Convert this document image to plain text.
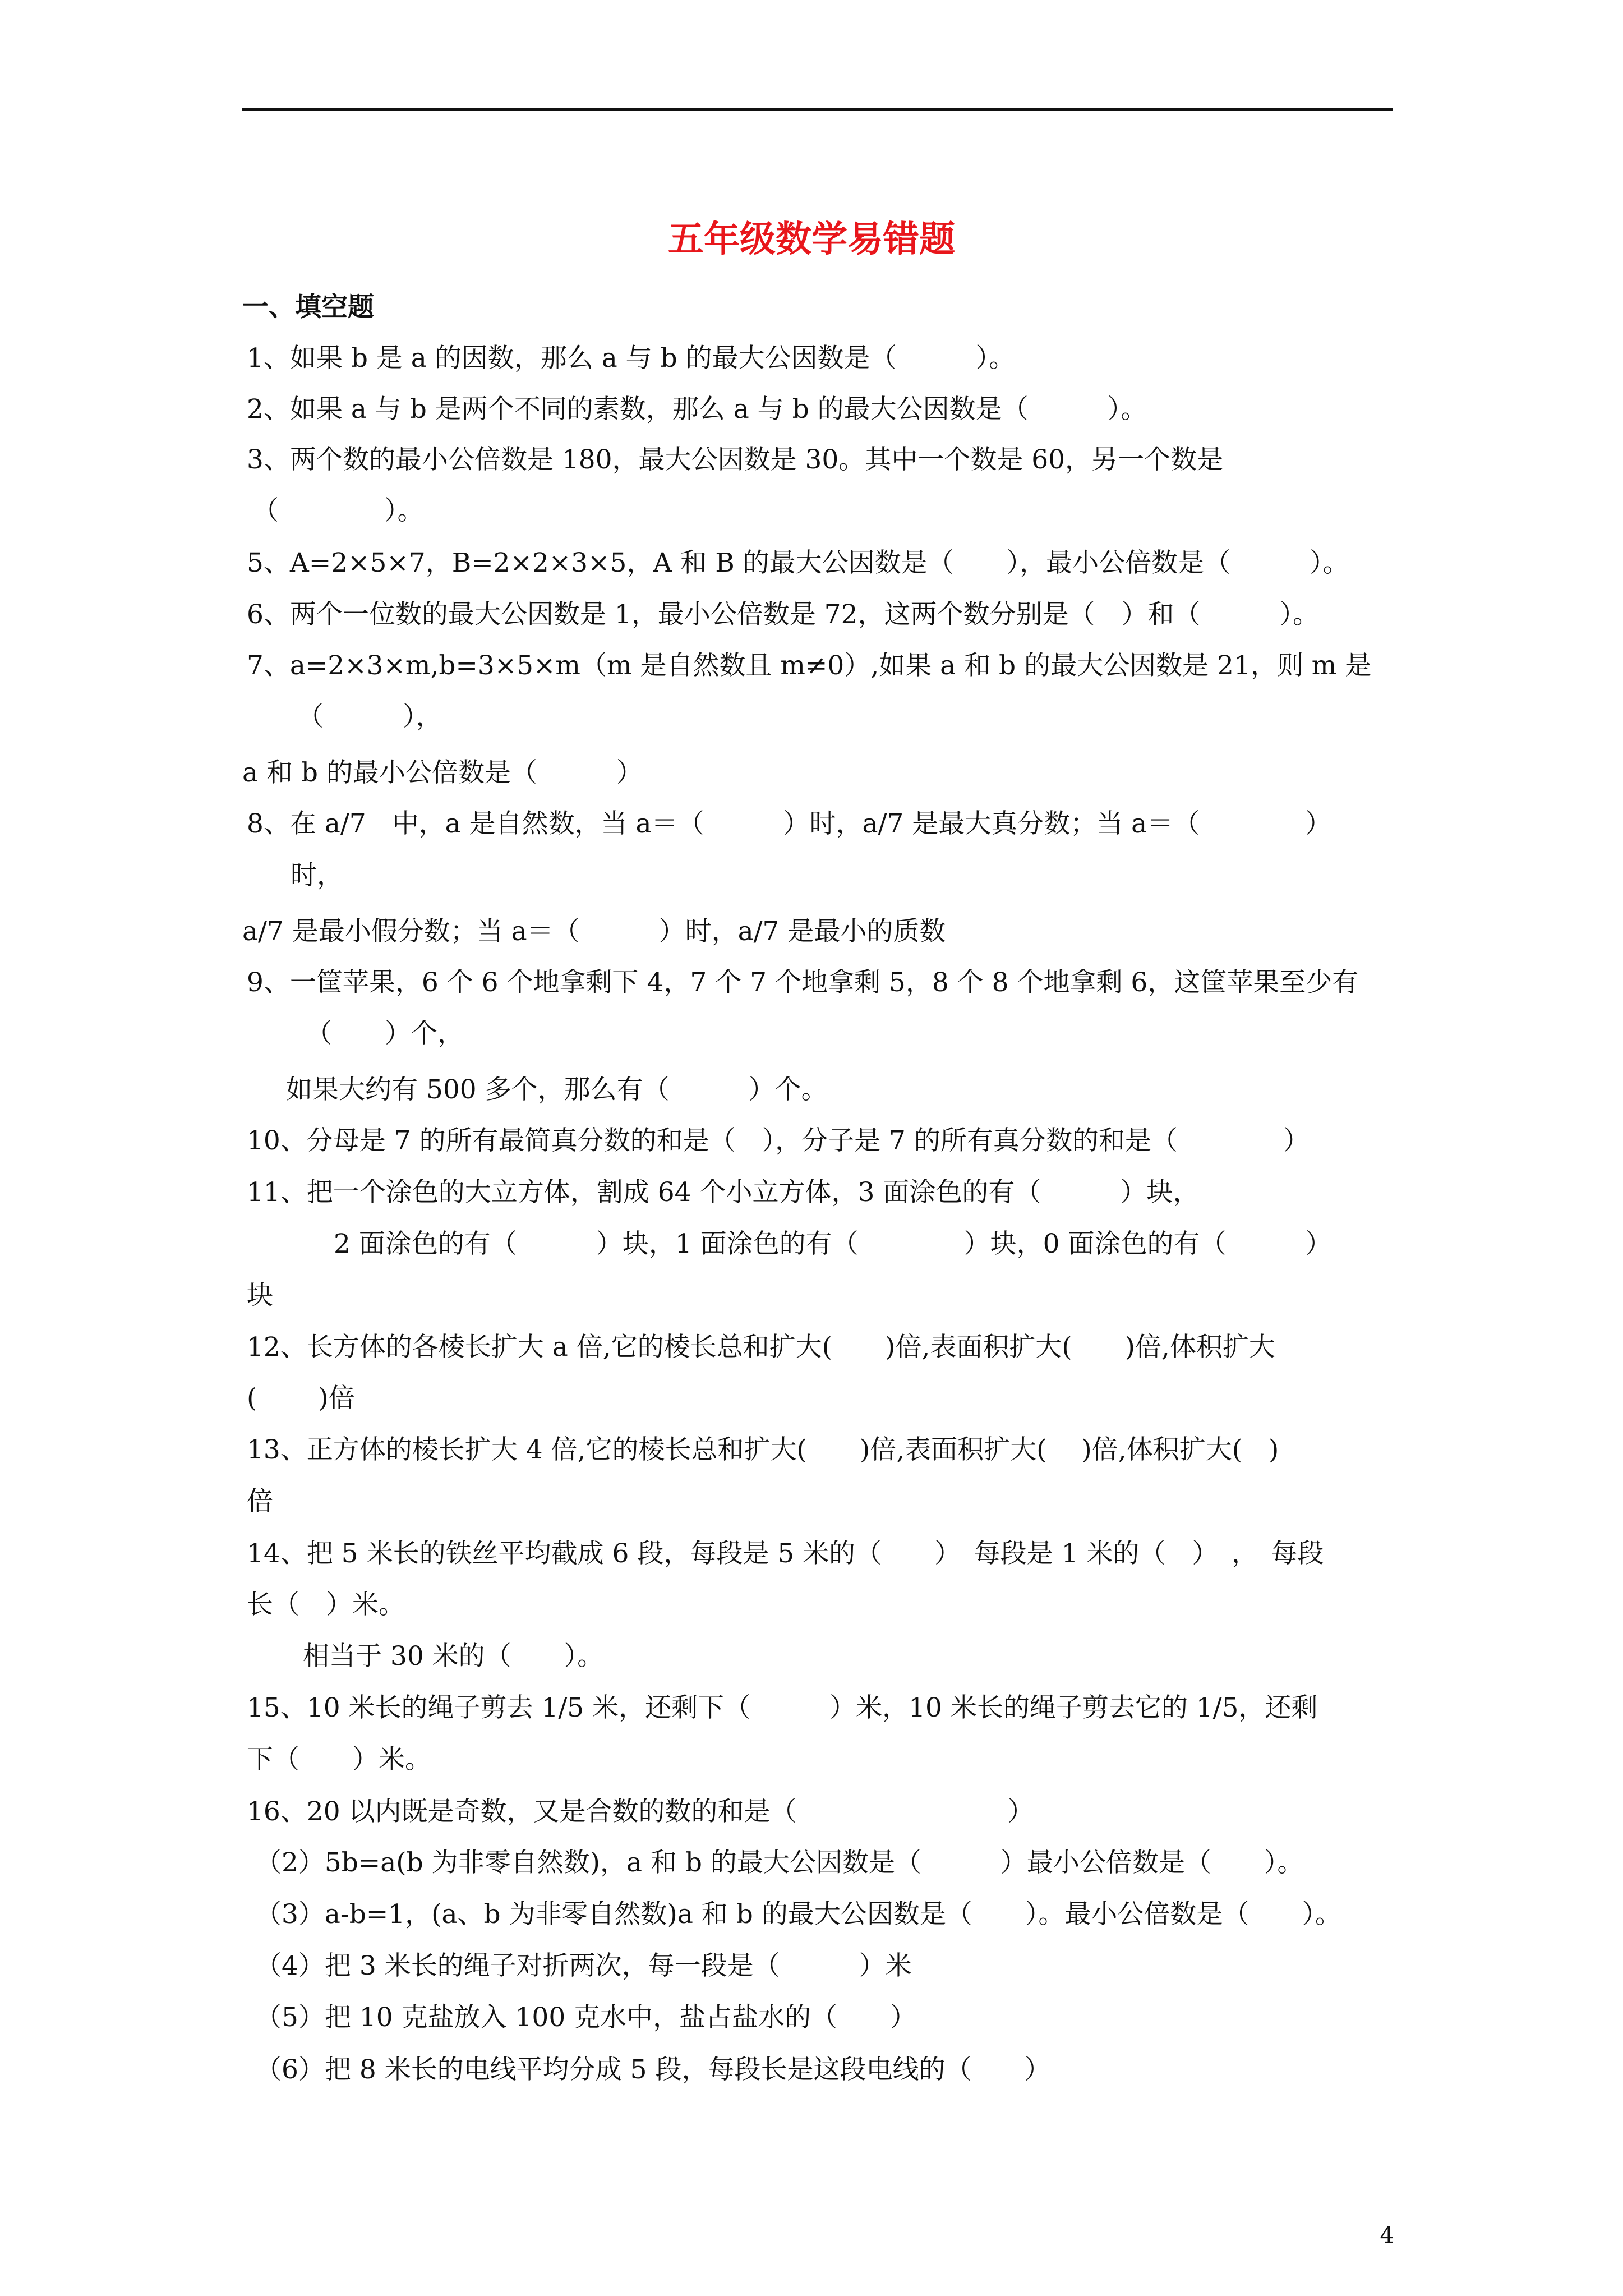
五年级数学易错题
一、填空题
1、如果 b 是 a 的因数，那么 a 与 b 的最大公因数是（　　　）。
2、如果 a 与 b 是两个不同的素数，那么 a 与 b 的最大公因数是（　　　）。
3、两个数的最小公倍数是 180，最大公因数是 30。其中一个数是 60，另一个数是
（　　　　）。
5、A=2×5×7，B=2×2×3×5，A 和 B 的最大公因数是（　　），最小公倍数是（　　　）。
6、两个一位数的最大公因数是 1，最小公倍数是 72，这两个数分别是（　）和（　　　）。
7、a=2×3×m,b=3×5×m（m 是自然数且 m≠0）,如果 a 和 b 的最大公因数是 21，则 m 是
（　　　），
a 和 b 的最小公倍数是（　　　）
8、在 a/7　中，a 是自然数，当 a＝（　　　）时，a/7 是最大真分数；当 a＝（　　　　）
时，
a/7 是最小假分数；当 a＝（　　　）时，a/7 是最小的质数
9、一筐苹果，6 个 6 个地拿剩下 4，7 个 7 个地拿剩 5，8 个 8 个地拿剩 6，这筐苹果至少有
（　　）个，
如果大约有 500 多个，那么有（　　　）个。
10、分母是 7 的所有最简真分数的和是（　），分子是 7 的所有真分数的和是（　　　　）
11、把一个涂色的大立方体，割成 64 个小立方体，3 面涂色的有（　　　）块，
2 面涂色的有（　　　）块，1 面涂色的有（　　　　）块，0 面涂色的有（　　　）
块
12、长方体的各棱长扩大 a 倍,它的棱长总和扩大(　　)倍,表面积扩大(　　)倍,体积扩大
(　　 )倍
13、正方体的棱长扩大 4 倍,它的棱长总和扩大(　　)倍,表面积扩大(　 )倍,体积扩大(　)
倍
14、把 5 米长的铁丝平均截成 6 段，每段是 5 米的（　　）　每段是 1 米的（　）　，　每段
长（　）米。
相当于 30 米的（　　）。
15、10 米长的绳子剪去 1/5 米，还剩下（　　　）米，10 米长的绳子剪去它的 1/5，还剩
下（　　）米。
16、20 以内既是奇数，又是合数的数的和是（　　　　　　　　）
（2）5b=a(b 为非零自然数)，a 和 b 的最大公因数是（　　　）最小公倍数是（　　）。
（3）a-b=1，(a、b 为非零自然数)a 和 b 的最大公因数是（　　）。最小公倍数是（　　）。
（4）把 3 米长的绳子对折两次，每一段是（　　　）米
（5）把 10 克盐放入 100 克水中，盐占盐水的（　　）
（6）把 8 米长的电线平均分成 5 段，每段长是这段电线的（　　）
4
